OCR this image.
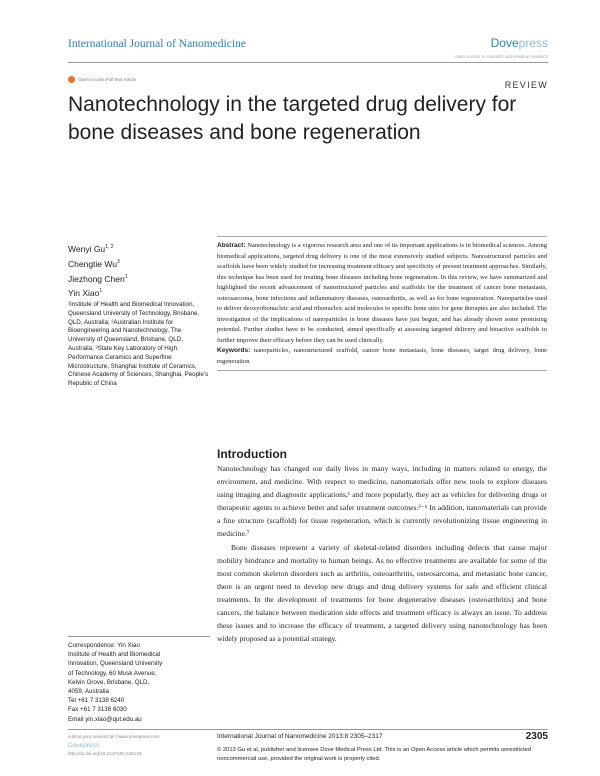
International Journal of Nanomedicine	Dovepress
open access to scientific and medical research
Open Access Full Text Article
REVIEW
Nanotechnology in the targeted drug delivery for bone diseases and bone regeneration
Wenyi Gu$^{1, 2}$
Chengtie Wu$^3$
Jiezhong Chen$^1$
Yin Xiao$^1$
¹Institute of Health and Biomedical Innovation, Queensland University of Technology, Brisbane, QLD, Australia; ²Australian Institute for Bioengineering and Nanotechnology, The University of Queensland, Brisbane, QLD, Australia; ³State Key Laboratory of High Performance Ceramics and Superfine Microstructure, Shanghai Institute of Ceramics, Chinese Academy of Sciences, Shanghai, People’s Republic of China

Abstract: Nanotechnology is a vigorous research area and one of its important applications is in biomedical sciences. Among biomedical applications, targeted drug delivery is one of the most extensively studied subjects. Nanostructured particles and scaffolds have been widely studied for increasing treatment efficacy and specificity of present treatment approaches. Similarly, this technique has been used for treating bone diseases including bone regeneration. In this review, we have summarized and highlighted the recent advancement of nanostructured particles and scaffolds for the treatment of cancer bone metastasis, osteosarcoma, bone infections and inflammatory diseases, osteoarthritis, as well as for bone regeneration. Nanoparticles used to deliver deoxyribonucleic acid and ribonucleic acid molecules to specific bone sites for gene therapies are also included. The investigation of the implications of nanoparticles in bone diseases have just begun, and has already shown some promising potential. Further studies have to be conducted, aimed specifically at assessing targeted delivery and bioactive scaffolds to further improve their efficacy before they can be used clinically.

Keywords: nanoparticles, nanostructured scaffold, cancer bone metastasis, bone diseases, target drug delivery, bone regeneration

Introduction

Nanotechnology has changed our daily lives in many ways, including in matters related to energy, the environment, and medicine. With respect to medicine, nanomaterials offer new tools to explore diseases using imaging and diagnostic applications,¹ and more popularly, they act as vehicles for delivering drugs or therapeutic agents to achieve better and safer treatment outcomes.²⁻⁶ In addition, nanomaterials can provide a fine structure (scaffold) for tissue regeneration, which is currently revolutionizing tissue engineering in medicine.⁷

Bone diseases represent a variety of skeletal-related disorders including defects that cause major mobility hindrance and mortality to human beings. As no effective treatments are available for some of the most common skeleton disorders such as arthritis, osteoarthritis, osteosarcoma, and metastatic bone cancer, there is an urgent need to develop new drugs and drug delivery systems for safe and efficient clinical treatments. In the development of treatments for bone degenerative diseases (osteoarthritis) and bone cancers, the balance between medication side effects and treatment efficacy is always an issue. To address these issues and to increase the efficacy of treatment, a targeted delivery using nanotechnology has been widely proposed as a potential strategy.

Correspondence: Yin Xiao
Institute of Health and Biomedical
Innovation, Queensland University
of Technology, 60 Musk Avenue,
Kelvin Grove, Brisbane, QLD,
4059, Australia
Tel +61 7 3138 6240
Fax +61 7 3138 6030
Email yin.xiao@qut.edu.au
submit your manuscript | www.dovepress.com
Dovepress
http://dx.doi.org/10.2147/IJN.S45143
International Journal of Nanomedicine 2013:8 2305–2317	2305
© 2013 Gu et al, publisher and licensee Dove Medical Press Ltd. This is an Open Access article which permits unrestricted noncommercial use, provided the original work is properly cited.
